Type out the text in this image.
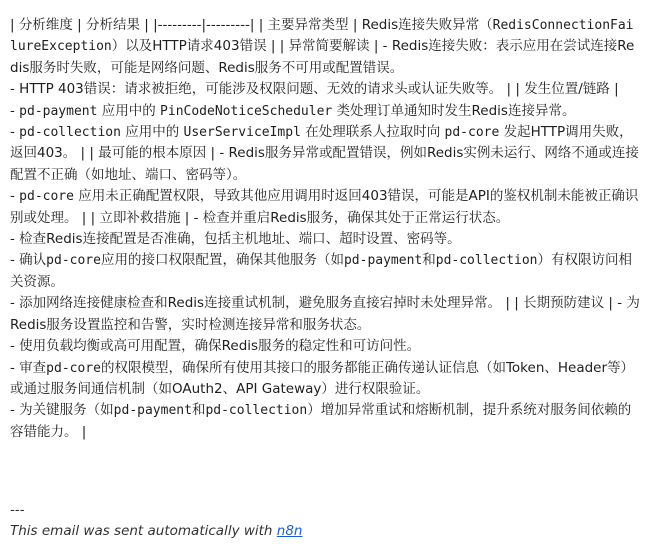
| 分析维度 | 分析结果 | |---------|---------| | 主要异常类型 | Redis连接失败异常（RedisConnectionFailureException）以及HTTP请求403错误 | | 异常简要解读 | - Redis连接失败：表示应用在尝试连接Redis服务时失败，可能是网络问题、Redis服务不可用或配置错误。
- HTTP 403错误：请求被拒绝，可能涉及权限问题、无效的请求头或认证失败等。 | | 发生位置/链路 |
- pd-payment 应用中的 PinCodeNoticeScheduler 类处理订单通知时发生Redis连接异常。
- pd-collection 应用中的 UserServiceImpl 在处理联系人拉取时向 pd-core 发起HTTP调用失败，返回403。 | | 最可能的根本原因 | - Redis服务异常或配置错误，例如Redis实例未运行、网络不通或连接配置不正确（如地址、端口、密码等）。
- pd-core 应用未正确配置权限，导致其他应用调用时返回403错误，可能是API的鉴权机制未能被正确识别或处理。 | | 立即补救措施 | - 检查并重启Redis服务，确保其处于正常运行状态。
- 检查Redis连接配置是否准确，包括主机地址、端口、超时设置、密码等。
- 确认pd-core应用的接口权限配置，确保其他服务（如pd-payment和pd-collection）有权限访问相关资源。
- 添加网络连接健康检查和Redis连接重试机制，避免服务直接宕掉时未处理异常。 | | 长期预防建议 | - 为Redis服务设置监控和告警，实时检测连接异常和服务状态。
- 使用负载均衡或高可用配置，确保Redis服务的稳定性和可访问性。
- 审查pd-core的权限模型，确保所有使用其接口的服务都能正确传递认证信息（如Token、Header等）或通过服务间通信机制（如OAuth2、API Gateway）进行权限验证。
- 为关键服务（如pd-payment和pd-collection）增加异常重试和熔断机制，提升系统对服务间依赖的容错能力。 |
---
This email was sent automatically with n8n
